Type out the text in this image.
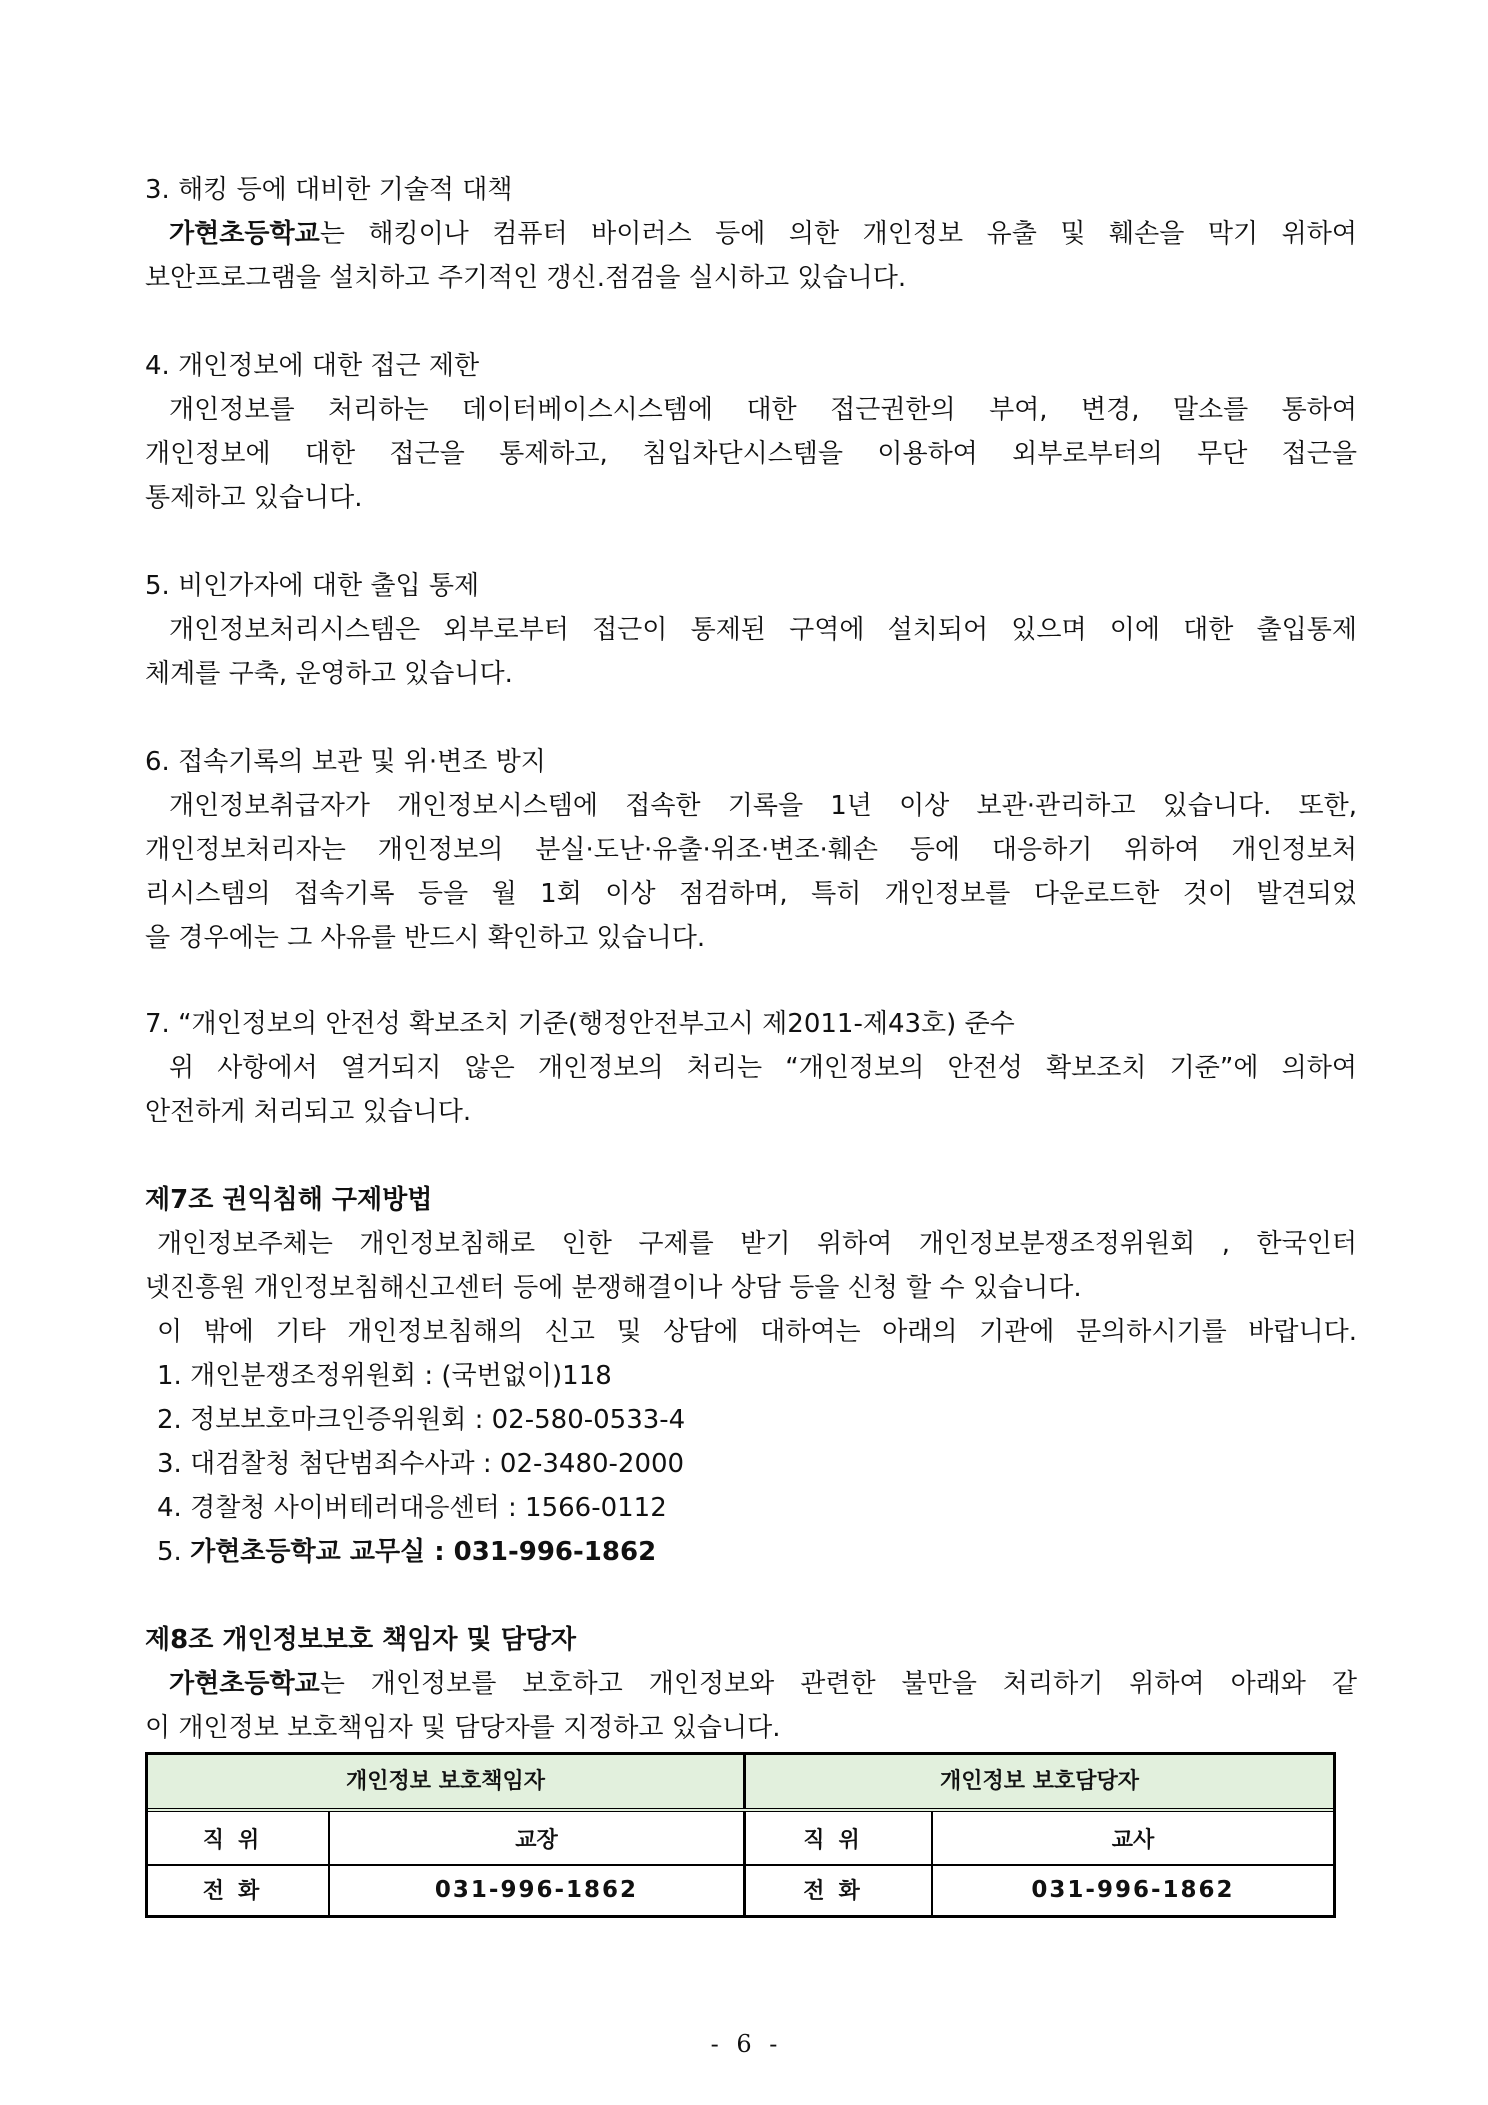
3. 해킹 등에 대비한 기술적 대책
가현초등학교는 해킹이나 컴퓨터 바이러스 등에 의한 개인정보 유출 및 훼손을 막기 위하여
보안프로그램을 설치하고 주기적인 갱신.점검을 실시하고 있습니다.
4. 개인정보에 대한 접근 제한
개인정보를 처리하는 데이터베이스시스템에 대한 접근권한의 부여, 변경, 말소를 통하여
개인정보에 대한 접근을 통제하고, 침입차단시스템을 이용하여 외부로부터의 무단 접근을
통제하고 있습니다.
5. 비인가자에 대한 출입 통제
개인정보처리시스템은 외부로부터 접근이 통제된 구역에 설치되어 있으며 이에 대한 출입통제
체계를 구축, 운영하고 있습니다.
6. 접속기록의 보관 및 위·변조 방지
개인정보취급자가 개인정보시스템에 접속한 기록을 1년 이상 보관·관리하고 있습니다. 또한,
개인정보처리자는 개인정보의 분실·도난·유출·위조·변조·훼손 등에 대응하기 위하여 개인정보처
리시스템의 접속기록 등을 월 1회 이상 점검하며, 특히 개인정보를 다운로드한 것이 발견되었
을 경우에는 그 사유를 반드시 확인하고 있습니다.
7. “개인정보의 안전성 확보조치 기준(행정안전부고시 제2011-제43호) 준수
위 사항에서 열거되지 않은 개인정보의 처리는 “개인정보의 안전성 확보조치 기준”에 의하여
안전하게 처리되고 있습니다.
제7조 권익침해 구제방법
개인정보주체는 개인정보침해로 인한 구제를 받기 위하여 개인정보분쟁조정위원회 , 한국인터
넷진흥원 개인정보침해신고센터 등에 분쟁해결이나 상담 등을 신청 할 수 있습니다.
이 밖에 기타 개인정보침해의 신고 및 상담에 대하여는 아래의 기관에 문의하시기를 바랍니다.
1. 개인분쟁조정위원회 : (국번없이)118
2. 정보보호마크인증위원회 : 02-580-0533-4
3. 대검찰청 첨단범죄수사과 : 02-3480-2000
4. 경찰청 사이버테러대응센터 : 1566-0112
5. 가현초등학교 교무실 : 031-996-1862
제8조 개인정보보호 책임자 및 담당자
가현초등학교는 개인정보를 보호하고 개인정보와 관련한 불만을 처리하기 위하여 아래와 같
이 개인정보 보호책임자 및 담당자를 지정하고 있습니다.
개인정보 보호책임자	개인정보 보호담당자
직위	교장	직위	교사
전화	031-996-1862	전화	031-996-1862
- 6 -
